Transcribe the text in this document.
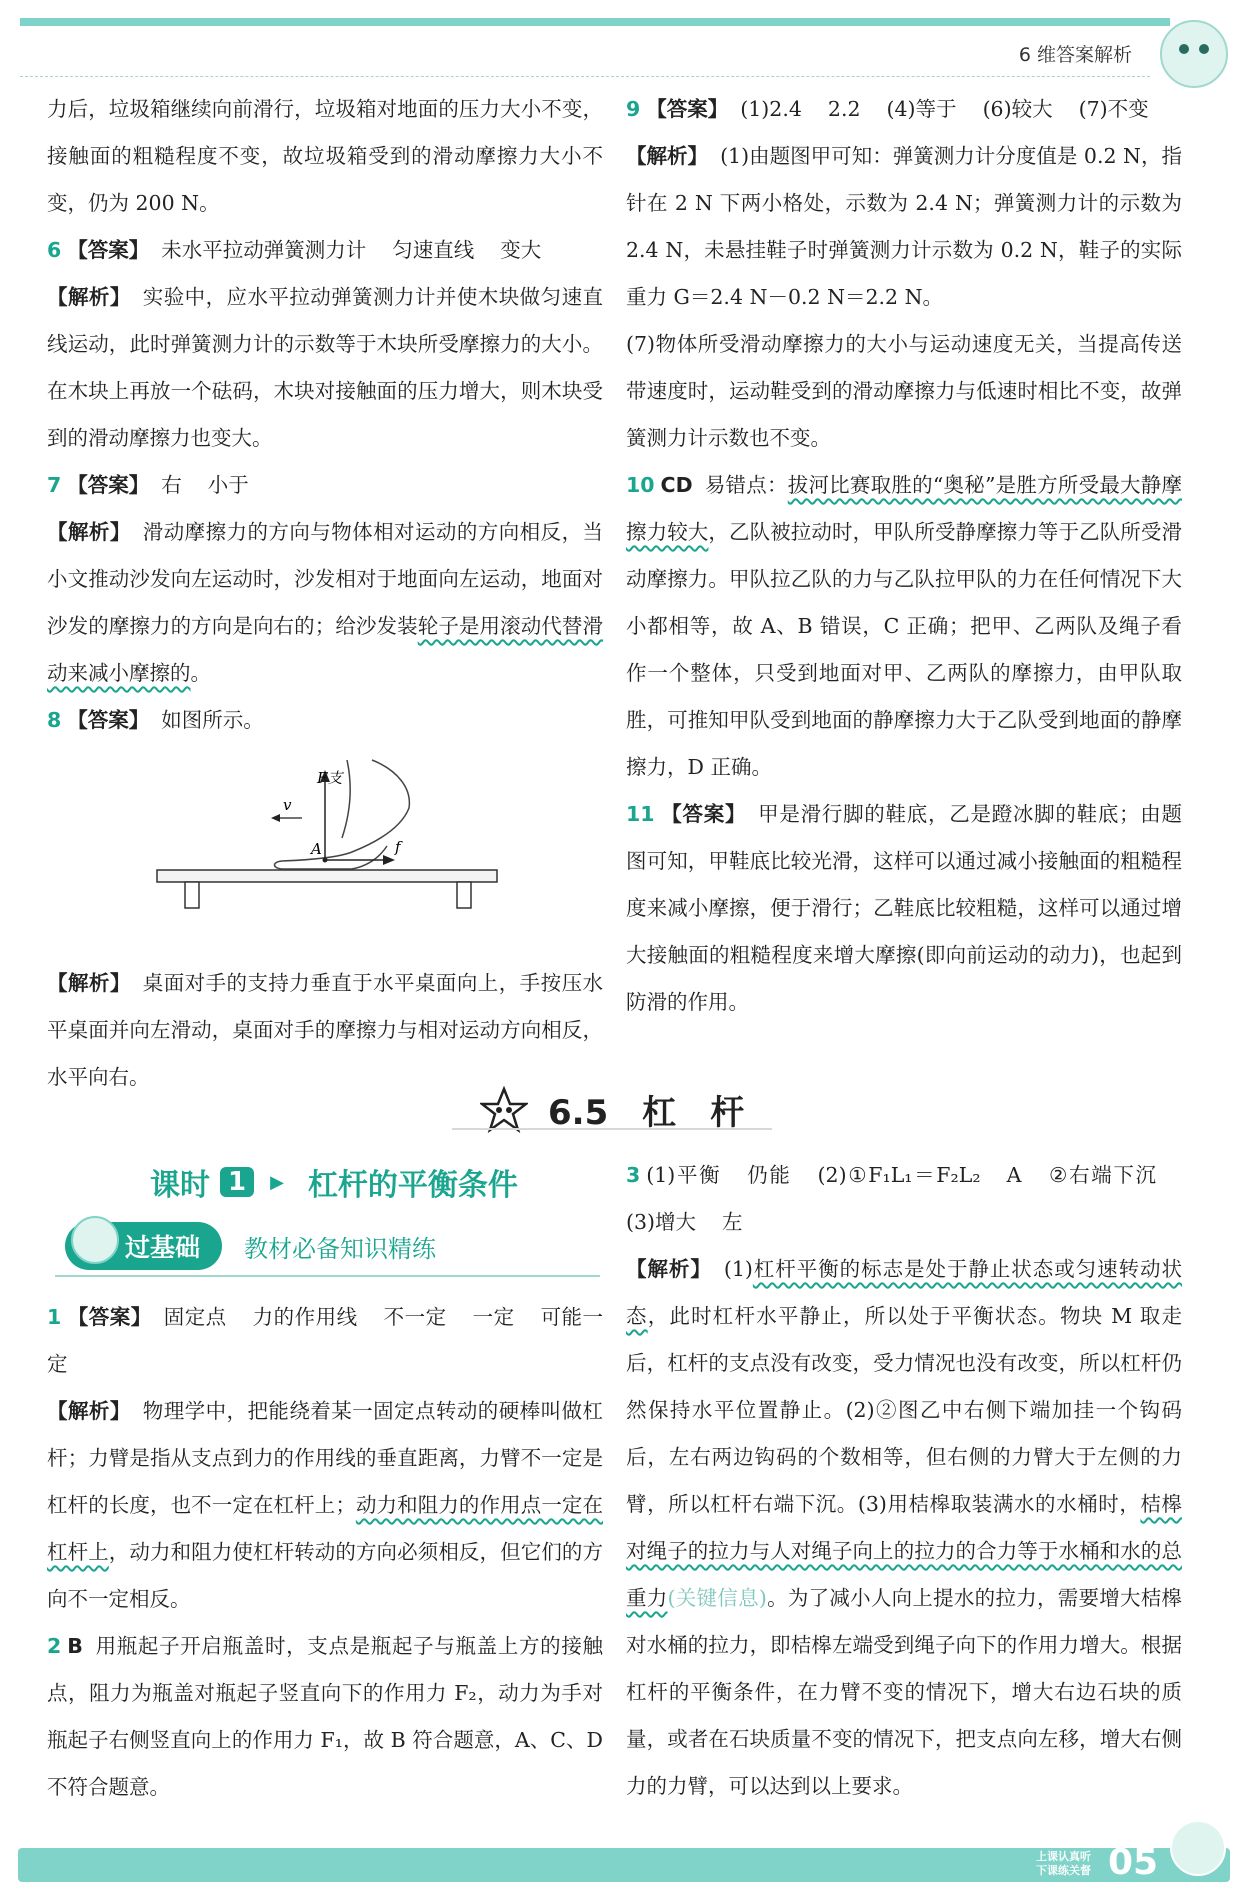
6 维答案解析

力后，垃圾箱继续向前滑行，垃圾箱对地面的压力大小不变，接触面的粗糙程度不变，故垃圾箱受到的滑动摩擦力大小不变，仍为 200 N。

6 【答案】 未水平拉动弹簧测力计 匀速直线 变大

【解析】 实验中，应水平拉动弹簧测力计并使木块做匀速直线运动，此时弹簧测力计的示数等于木块所受摩擦力的大小。在木块上再放一个砝码，木块对接触面的压力增大，则木块受到的滑动摩擦力也变大。

7 【答案】 右 小于

【解析】 滑动摩擦力的方向与物体相对运动的方向相反，当小文推动沙发向左运动时，沙发相对于地面向左运动，地面对沙发的摩擦力的方向是向右的；给沙发装轮子是用滚动代替滑动来减小摩擦的。

8 【答案】 如图所示。

F支
v
f
A

【解析】 桌面对手的支持力垂直于水平桌面向上，手按压水平桌面并向左滑动，桌面对手的摩擦力与相对运动方向相反，水平向右。

9 【答案】 (1)2.4 2.2 (4)等于 (6)较大 (7)不变

【解析】 (1)由题图甲可知：弹簧测力计分度值是 0.2 N，指针在 2 N 下两小格处，示数为 2.4 N；弹簧测力计的示数为 2.4 N，未悬挂鞋子时弹簧测力计示数为 0.2 N，鞋子的实际重力 G＝2.4 N－0.2 N＝2.2 N。

(7)物体所受滑动摩擦力的大小与运动速度无关，当提高传送带速度时，运动鞋受到的滑动摩擦力与低速时相比不变，故弹簧测力计示数也不变。

10 CD 易错点：拔河比赛取胜的“奥秘”是胜方所受最大静摩擦力较大，乙队被拉动时，甲队所受静摩擦力等于乙队所受滑动摩擦力。甲队拉乙队的力与乙队拉甲队的力在任何情况下大小都相等，故 A、B 错误，C 正确；把甲、乙两队及绳子看作一个整体，只受到地面对甲、乙两队的摩擦力，由甲队取胜，可推知甲队受到地面的静摩擦力大于乙队受到地面的静摩擦力，D 正确。

11 【答案】 甲是滑行脚的鞋底，乙是蹬冰脚的鞋底；由题图可知，甲鞋底比较光滑，这样可以通过减小接触面的粗糙程度来减小摩擦，便于滑行；乙鞋底比较粗糙，这样可以通过增大接触面的粗糙程度来增大摩擦(即向前运动的动力)，也起到防滑的作用。

6.5　杠　杆
课时 1	▶ 杠杆的平衡条件
过基础	教材必备知识精练

1 【答案】 固定点 力的作用线 不一定 一定 可能一定

【解析】 物理学中，把能绕着某一固定点转动的硬棒叫做杠杆；力臂是指从支点到力的作用线的垂直距离，力臂不一定是杠杆的长度，也不一定在杠杆上；动力和阻力的作用点一定在杠杆上，动力和阻力使杠杆转动的方向必须相反，但它们的方向不一定相反。

2 B 用瓶起子开启瓶盖时，支点是瓶起子与瓶盖上方的接触点，阻力为瓶盖对瓶起子竖直向下的作用力 F₂，动力为手对瓶起子右侧竖直向上的作用力 F₁，故 B 符合题意，A、C、D 不符合题意。

3 (1)平衡 仍能 (2)①F₁L₁＝F₂L₂ A ②右端下沉(3)增大 左

【解析】 (1)杠杆平衡的标志是处于静止状态或匀速转动状态，此时杠杆水平静止，所以处于平衡状态。物块 M 取走后，杠杆的支点没有改变，受力情况也没有改变，所以杠杆仍然保持水平位置静止。(2)②图乙中右侧下端加挂一个钩码后，左右两边钩码的个数相等，但右侧的力臂大于左侧的力臂，所以杠杆右端下沉。(3)用桔槔取装满水的水桶时，桔槔对绳子的拉力与人对绳子向上的拉力的合力等于水桶和水的总重力(关键信息)。为了减小人向上提水的拉力，需要增大桔槔对水桶的拉力，即桔槔左端受到绳子向下的作用力增大。根据杠杆的平衡条件，在力臂不变的情况下，增大右边石块的质量，或者在石块质量不变的情况下，把支点向左移，增大右侧力的力臂，可以达到以上要求。

上课认真听 下课练关督 05
